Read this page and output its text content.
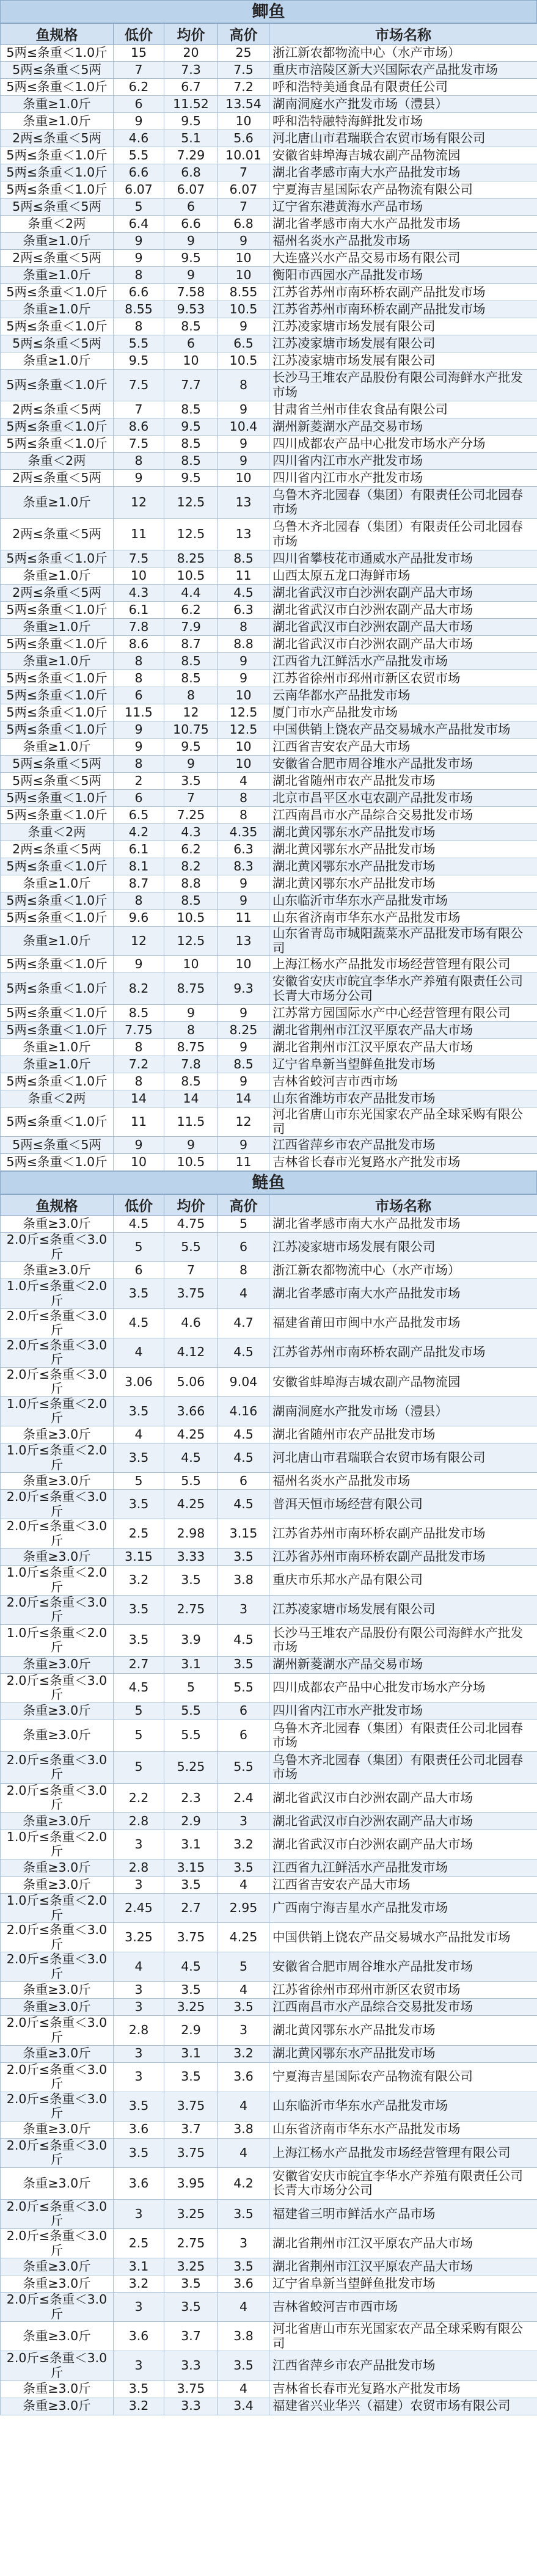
鲫鱼
鱼规格	低价	均价	高价	市场名称
5两≤条重＜1.0斤	15	20	25	浙江新农都物流中心（水产市场）
5两≤条重＜5两	7	7.3	7.5	重庆市涪陵区新大兴国际农产品批发市场
5两≤条重＜1.0斤	6.2	6.7	7.2	呼和浩特美通食品有限责任公司
条重≥1.0斤	6	11.52	13.54	湖南洞庭水产批发市场（澧县）
条重≥1.0斤	9	9.5	10	呼和浩特融特海鲜批发市场
2两≤条重＜5两	4.6	5.1	5.6	河北唐山市君瑞联合农贸市场有限公司
5两≤条重＜1.0斤	5.5	7.29	10.01	安徽省蚌埠海吉城农副产品物流园
5两≤条重＜1.0斤	6.6	6.8	7	湖北省孝感市南大水产品批发市场
5两≤条重＜1.0斤	6.07	6.07	6.07	宁夏海吉星国际农产品物流有限公司
5两≤条重＜5两	5	6	7	辽宁省东港黄海水产品市场
条重＜2两	6.4	6.6	6.8	湖北省孝感市南大水产品批发市场
条重≥1.0斤	9	9	9	福州名炎水产品批发市场
2两≤条重＜5两	9	9.5	10	大连盛兴水产品交易市场有限公司
条重≥1.0斤	8	9	10	衡阳市西园水产品批发市场
5两≤条重＜1.0斤	6.6	7.58	8.55	江苏省苏州市南环桥农副产品批发市场
条重≥1.0斤	8.55	9.53	10.5	江苏省苏州市南环桥农副产品批发市场
5两≤条重＜1.0斤	8	8.5	9	江苏凌家塘市场发展有限公司
5两≤条重＜5两	5.5	6	6.5	江苏凌家塘市场发展有限公司
条重≥1.0斤	9.5	10	10.5	江苏凌家塘市场发展有限公司
5两≤条重＜1.0斤	7.5	7.7	8	长沙马王堆农产品股份有限公司海鲜水产批发市场
2两≤条重＜5两	7	8.5	9	甘肃省兰州市佳农食品有限公司
5两≤条重＜1.0斤	8.6	9.5	10.4	湖州新菱湖水产品交易市场
5两≤条重＜1.0斤	7.5	8.5	9	四川成都农产品中心批发市场水产分场
条重＜2两	8	8.5	9	四川省内江市水产批发市场
2两≤条重＜5两	9	9.5	10	四川省内江市水产批发市场
条重≥1.0斤	12	12.5	13	乌鲁木齐北园春（集团）有限责任公司北园春市场
2两≤条重＜5两	11	12.5	13	乌鲁木齐北园春（集团）有限责任公司北园春市场
5两≤条重＜1.0斤	7.5	8.25	8.5	四川省攀枝花市通威水产品批发市场
条重≥1.0斤	10	10.5	11	山西太原五龙口海鲜市场
2两≤条重＜5两	4.3	4.4	4.5	湖北省武汉市白沙洲农副产品大市场
5两≤条重＜1.0斤	6.1	6.2	6.3	湖北省武汉市白沙洲农副产品大市场
条重≥1.0斤	7.8	7.9	8	湖北省武汉市白沙洲农副产品大市场
5两≤条重＜1.0斤	8.6	8.7	8.8	湖北省武汉市白沙洲农副产品大市场
条重≥1.0斤	8	8.5	9	江西省九江鲜活水产品批发市场
5两≤条重＜1.0斤	8	8.5	9	江苏省徐州市邳州市新区农贸市场
5两≤条重＜1.0斤	6	8	10	云南华都水产品批发市场
5两≤条重＜1.0斤	11.5	12	12.5	厦门市水产品批发市场
5两≤条重＜1.0斤	9	10.75	12.5	中国供销上饶农产品交易城水产品批发市场
条重≥1.0斤	9	9.5	10	江西省吉安农产品大市场
5两≤条重＜5两	8	9	10	安徽省合肥市周谷堆水产品批发市场
5两≤条重＜5两	2	3.5	4	湖北省随州市农产品批发市场
5两≤条重＜1.0斤	6	7	8	北京市昌平区水屯农副产品批发市场
5两≤条重＜1.0斤	6.5	7.25	8	江西南昌市水产品综合交易批发市场
条重＜2两	4.2	4.3	4.35	湖北黄冈鄂东水产品批发市场
2两≤条重＜5两	6.1	6.2	6.3	湖北黄冈鄂东水产品批发市场
5两≤条重＜1.0斤	8.1	8.2	8.3	湖北黄冈鄂东水产品批发市场
条重≥1.0斤	8.7	8.8	9	湖北黄冈鄂东水产品批发市场
5两≤条重＜1.0斤	8	8.5	9	山东临沂市华东水产品批发市场
5两≤条重＜1.0斤	9.6	10.5	11	山东省济南市华东水产品批发市场
条重≥1.0斤	12	12.5	13	山东省青岛市城阳蔬菜水产品批发市场有限公司
5两≤条重＜1.0斤	9	10	10	上海江杨水产品批发市场经营管理有限公司
5两≤条重＜1.0斤	8.2	8.75	9.3	安徽省安庆市皖宜李华水产养殖有限责任公司长青大市场分公司
5两≤条重＜1.0斤	8.5	9	9	江苏常方园国际水产中心经营管理有限公司
5两≤条重＜1.0斤	7.75	8	8.25	湖北省荆州市江汉平原农产品大市场
条重≥1.0斤	8	8.75	9	湖北省荆州市江汉平原农产品大市场
条重≥1.0斤	7.2	7.8	8.5	辽宁省阜新当望鲜鱼批发市场
5两≤条重＜1.0斤	8	8.5	9	吉林省蛟河吉市西市场
条重＜2两	14	14	14	山东省潍坊市农产品批发市场
5两≤条重＜1.0斤	11	11.5	12	河北省唐山市东光国家农产品全球采购有限公司
5两≤条重＜5两	9	9	9	江西省萍乡市农产品批发市场
5两≤条重＜1.0斤	10	10.5	11	吉林省长春市光复路水产批发市场
鲢鱼
鱼规格	低价	均价	高价	市场名称
条重≥3.0斤	4.5	4.75	5	湖北省孝感市南大水产品批发市场
2.0斤≤条重＜3.0斤	5	5.5	6	江苏凌家塘市场发展有限公司
条重≥3.0斤	6	7	8	浙江新农都物流中心（水产市场）
1.0斤≤条重＜2.0斤	3.5	3.75	4	湖北省孝感市南大水产品批发市场
2.0斤≤条重＜3.0斤	4.5	4.6	4.7	福建省莆田市闽中水产品批发市场
2.0斤≤条重＜3.0斤	4	4.12	4.5	江苏省苏州市南环桥农副产品批发市场
2.0斤≤条重＜3.0斤	3.06	5.06	9.04	安徽省蚌埠海吉城农副产品物流园
1.0斤≤条重＜2.0斤	3.5	3.66	4.16	湖南洞庭水产批发市场（澧县）
条重≥3.0斤	4	4.25	4.5	湖北省随州市农产品批发市场
1.0斤≤条重＜2.0斤	3.5	4.5	4.5	河北唐山市君瑞联合农贸市场有限公司
条重≥3.0斤	5	5.5	6	福州名炎水产品批发市场
2.0斤≤条重＜3.0斤	3.5	4.25	4.5	普洱天恒市场经营有限公司
2.0斤≤条重＜3.0斤	2.5	2.98	3.15	江苏省苏州市南环桥农副产品批发市场
条重≥3.0斤	3.15	3.33	3.5	江苏省苏州市南环桥农副产品批发市场
1.0斤≤条重＜2.0斤	3.2	3.5	3.8	重庆市乐邦水产品有限公司
2.0斤≤条重＜3.0斤	3.5	2.75	3	江苏凌家塘市场发展有限公司
1.0斤≤条重＜2.0斤	3.5	3.9	4.5	长沙马王堆农产品股份有限公司海鲜水产批发市场
条重≥3.0斤	2.7	3.1	3.5	湖州新菱湖水产品交易市场
2.0斤≤条重＜3.0斤	4.5	5	5.5	四川成都农产品中心批发市场水产分场
条重≥3.0斤	5	5.5	6	四川省内江市水产批发市场
条重≥3.0斤	5	5.5	6	乌鲁木齐北园春（集团）有限责任公司北园春市场
2.0斤≤条重＜3.0斤	5	5.25	5.5	乌鲁木齐北园春（集团）有限责任公司北园春市场
2.0斤≤条重＜3.0斤	2.2	2.3	2.4	湖北省武汉市白沙洲农副产品大市场
条重≥3.0斤	2.8	2.9	3	湖北省武汉市白沙洲农副产品大市场
1.0斤≤条重＜2.0斤	3	3.1	3.2	湖北省武汉市白沙洲农副产品大市场
条重≥3.0斤	2.8	3.15	3.5	江西省九江鲜活水产品批发市场
条重≥3.0斤	3	3.5	4	江西省吉安农产品大市场
1.0斤≤条重＜2.0斤	2.45	2.7	2.95	广西南宁海吉星水产品批发市场
2.0斤≤条重＜3.0斤	3.25	3.75	4.25	中国供销上饶农产品交易城水产品批发市场
2.0斤≤条重＜3.0斤	4	4.5	5	安徽省合肥市周谷堆水产品批发市场
条重≥3.0斤	3	3.5	4	江苏省徐州市邳州市新区农贸市场
条重≥3.0斤	3	3.25	3.5	江西南昌市水产品综合交易批发市场
2.0斤≤条重＜3.0斤	2.8	2.9	3	湖北黄冈鄂东水产品批发市场
条重≥3.0斤	3	3.1	3.2	湖北黄冈鄂东水产品批发市场
2.0斤≤条重＜3.0斤	3	3.5	3.6	宁夏海吉星国际农产品物流有限公司
2.0斤≤条重＜3.0斤	3.5	3.75	4	山东临沂市华东水产品批发市场
条重≥3.0斤	3.6	3.7	3.8	山东省济南市华东水产品批发市场
2.0斤≤条重＜3.0斤	3.5	3.75	4	上海江杨水产品批发市场经营管理有限公司
条重≥3.0斤	3.6	3.95	4.2	安徽省安庆市皖宜李华水产养殖有限责任公司长青大市场分公司
2.0斤≤条重＜3.0斤	3	3.25	3.5	福建省三明市鲜活水产品市场
2.0斤≤条重＜3.0斤	2.5	2.75	3	湖北省荆州市江汉平原农产品大市场
条重≥3.0斤	3.1	3.25	3.5	湖北省荆州市江汉平原农产品大市场
条重≥3.0斤	3.2	3.5	3.6	辽宁省阜新当望鲜鱼批发市场
2.0斤≤条重＜3.0斤	3	3.5	4	吉林省蛟河吉市西市场
条重≥3.0斤	3.6	3.7	3.8	河北省唐山市东光国家农产品全球采购有限公司
2.0斤≤条重＜3.0斤	3	3.3	3.5	江西省萍乡市农产品批发市场
条重≥3.0斤	3.5	3.75	4	吉林省长春市光复路水产批发市场
条重≥3.0斤	3.2	3.3	3.4	福建省兴业华兴（福建）农贸市场有限公司
